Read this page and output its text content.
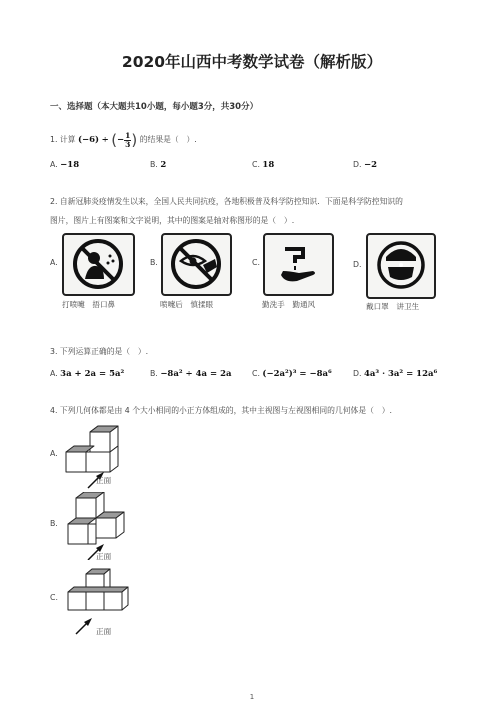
2020年山西中考数学试卷（解析版）
一、选择题（本大题共10小题，每小题3分，共30分）
1. 计算 (−6) ÷ (− $\frac{1}{3}$ ) 的结果是（　）.
A. −18	B. 2	C. 18	D. −2
2. 自新冠肺炎疫情发生以来，全国人民共同抗疫，各地积极普及科学防控知识．下面是科学防控知识的
图片，图片上有图案和文字说明，其中的图案是轴对称图形的是（　）.
A.
打喷嚏　捂口鼻
B.
喷嚏后　慎揉眼
C.
勤洗手　勤通风
D.
戴口罩　讲卫生
3. 下列运算正确的是（　）.
A. 3a + 2a = 5a²	B. −8a² ÷ 4a = 2a	C. (−2a²)³ = −8a⁶	D. 4a³ · 3a² = 12a⁶
4. 下列几何体都是由 4 个大小相同的小正方体组成的，其中主视图与左视图相同的几何体是（　）.
A.
正面
B.
正面
C.
正面
1
